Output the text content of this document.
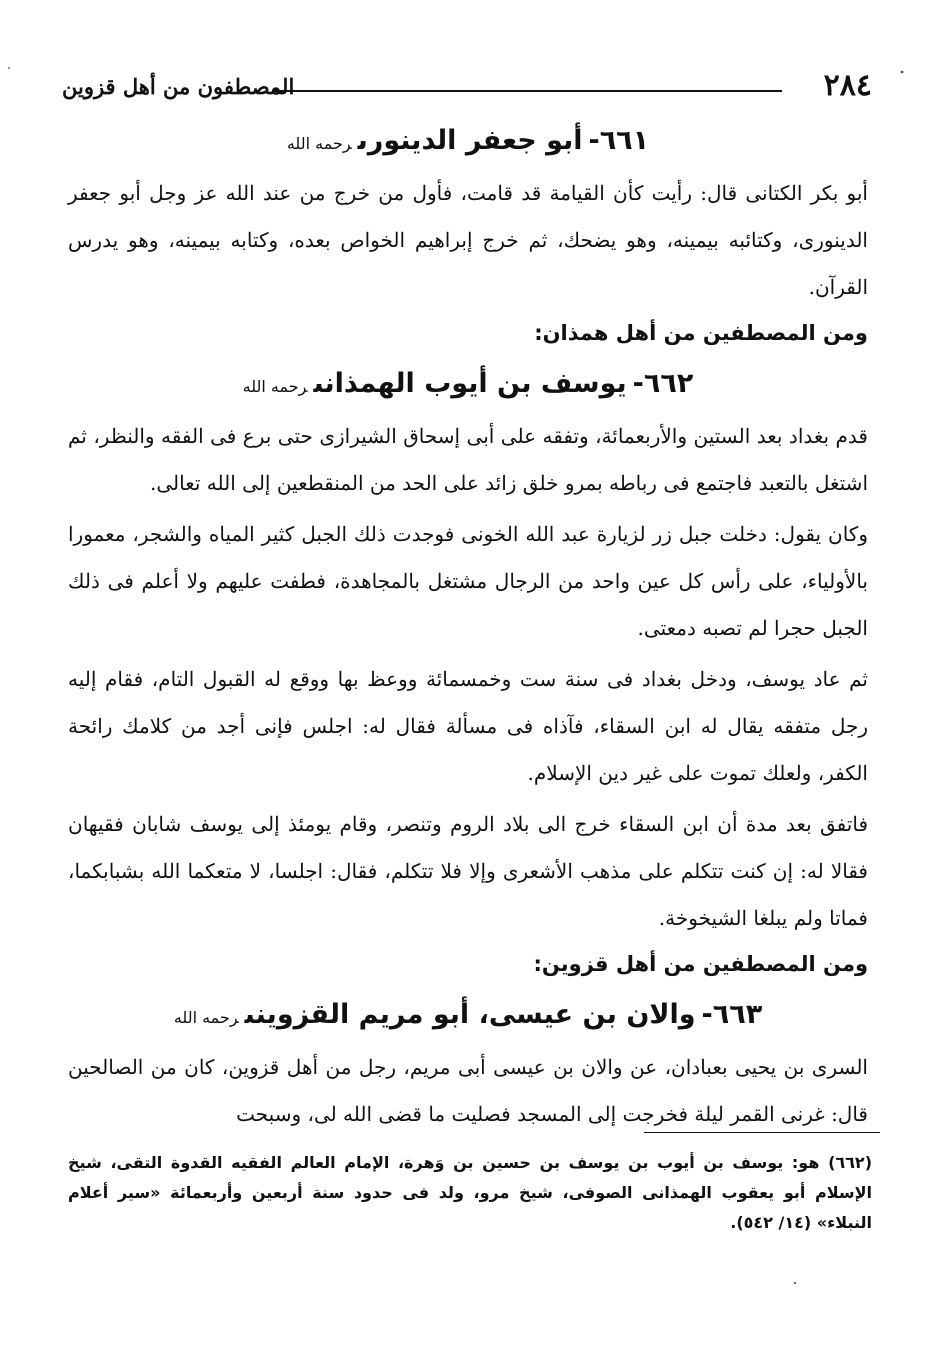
٢٨٤
المصطفون من أهل قزوين
٦٦١-أبو جعفر الدينورىرحمه الله

أبو بكر الكتانى قال: رأيت كأن القيامة قد قامت، فأول من خرج من عند الله عز وجل أبو جعفر الدينورى، وكتائبه بيمينه، وهو يضحك، ثم خرج إبراهيم الخواص بعده، وكتابه بيمينه، وهو يدرس القرآن.

ومن المصطفين من أهل همذان:
٦٦٢-يوسف بن أيوب الهمذانىرحمه الله

قدم بغداد بعد الستين والأربعمائة، وتفقه على أبى إسحاق الشيرازى حتى برع فى الفقه والنظر، ثم اشتغل بالتعبد فاجتمع فى رباطه بمرو خلق زائد على الحد من المنقطعين إلى الله تعالى.

وكان يقول: دخلت جبل زر لزيارة عبد الله الخونى فوجدت ذلك الجبل كثير المياه والشجر، معمورا بالأولياء، على رأس كل عين واحد من الرجال مشتغل بالمجاهدة، فطفت عليهم ولا أعلم فى ذلك الجبل حجرا لم تصبه دمعتى.

ثم عاد يوسف، ودخل بغداد فى سنة ست وخمسمائة ووعظ بها ووقع له القبول التام، فقام إليه رجل متفقه يقال له ابن السقاء، فآذاه فى مسألة فقال له: اجلس فإنى أجد من كلامك رائحة الكفر، ولعلك تموت على غير دين الإسلام.

فاتفق بعد مدة أن ابن السقاء خرج الى بلاد الروم وتنصر، وقام يومئذ إلى يوسف شابان فقيهان فقالا له: إن كنت تتكلم على مذهب الأشعرى وإلا فلا تتكلم، فقال: اجلسا، لا متعكما الله بشبابكما، فماتا ولم يبلغا الشيخوخة.

ومن المصطفين من أهل قزوين:
٦٦٣-والان بن عيسى، أبو مريم القزوينىرحمه الله

السرى بن يحيى بعبادان، عن والان بن عيسى أبى مريم، رجل من أهل قزوين، كان من الصالحين قال: غرنى القمر ليلة فخرجت إلى المسجد فصليت ما قضى الله لى، وسبحت

(٦٦٢) هو: يوسف بن أيوب بن يوسف بن حسين بن وَهرة، الإمام العالم الفقيه القدوة التقى، شيخ الإسلام أبو يعقوب الهمذانى الصوفى، شيخ مرو، ولد فى حدود سنة أربعين وأربعمائة «سير أعلام النبلاء» (١٤/ ٥٤٢).
